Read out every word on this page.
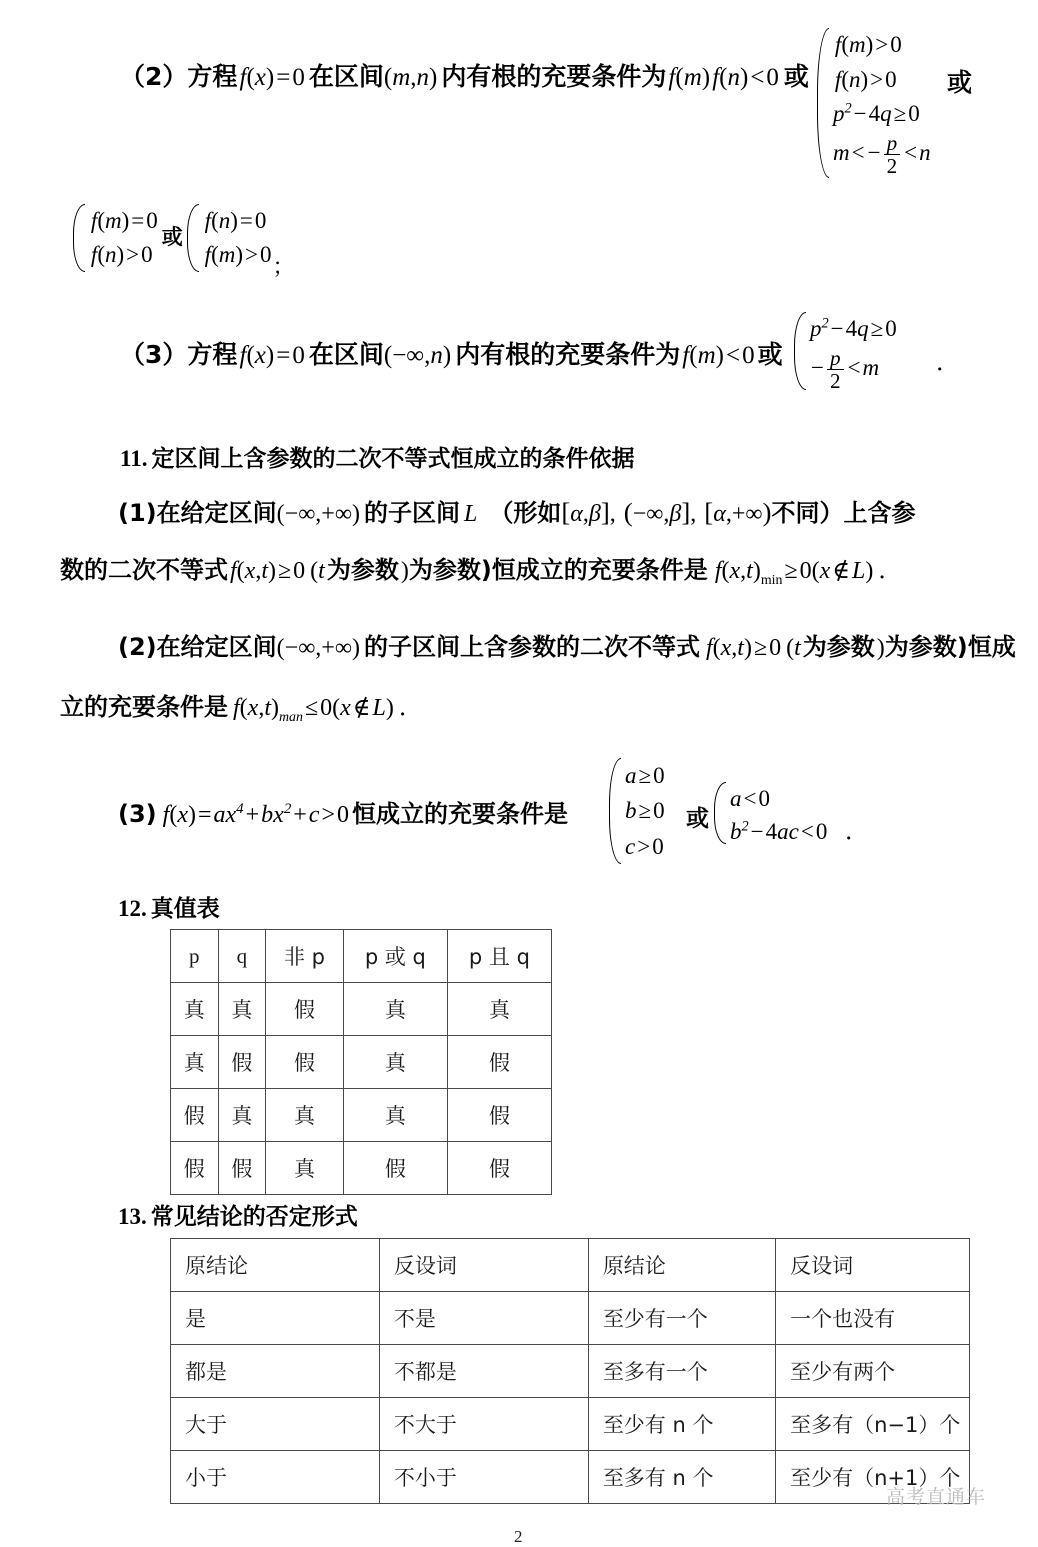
（2）方程 f(x)=0 在区间(m,n) 内有根的充要条件为 f(m) f(n)<0 或
 f(m)>0
 f(n)>0
$p^2-4q\ge 0$
$m< - \frac{p}{2} <n$
或
 f(m)=0
 f(n)>0
或
 f(n)=0
 f(m)>0 ；
（3）方程 f(x)=0 在区间(−∞,n) 内有根的充要条件为 f(m)<0 或
$p^2-4q\ge 0$
− $\frac{p}{2} <m$	．
11. 定区间上含参数的二次不等式恒成立的条件依据
(1)在给定区间(−∞,+∞) 的子区间 L （形如[α,β], (−∞,β], [α,+∞)不同）上含参
数的二次不等式 f(x,t)≥0 (t为参数)为参数)恒成立的充要条件是 $f(x,t)_{min}\ge 0(x\notin L)$ ．
(2)在给定区间(−∞,+∞) 的子区间上含参数的二次不等式 f(x,t)≥0 (t为参数)为参数)恒成
立的充要条件是 $f(x,t)_{man}\le 0(x\notin L)$ ．
(3) $f(x)=ax^4+bx^2+c>0$ 恒成立的充要条件是
a≥0
b≥0
c>0
或
a<0
$b^2-4ac<0$ ．
12. 真值表
p	q	非 p	p 或 q	p 且 q
真	真	假	真	真
真	假	假	真	假
假	真	真	真	假
假	假	真	假	假
13. 常见结论的否定形式
原结论	反设词	原结论	反设词
是	不是	至少有一个	一个也没有
都是	不都是	至多有一个	至少有两个
大于	不大于	至少有 n 个	至多有（n−1）个
小于	不小于	至多有 n 个	至少有（n+1）个
高考直通车
2
